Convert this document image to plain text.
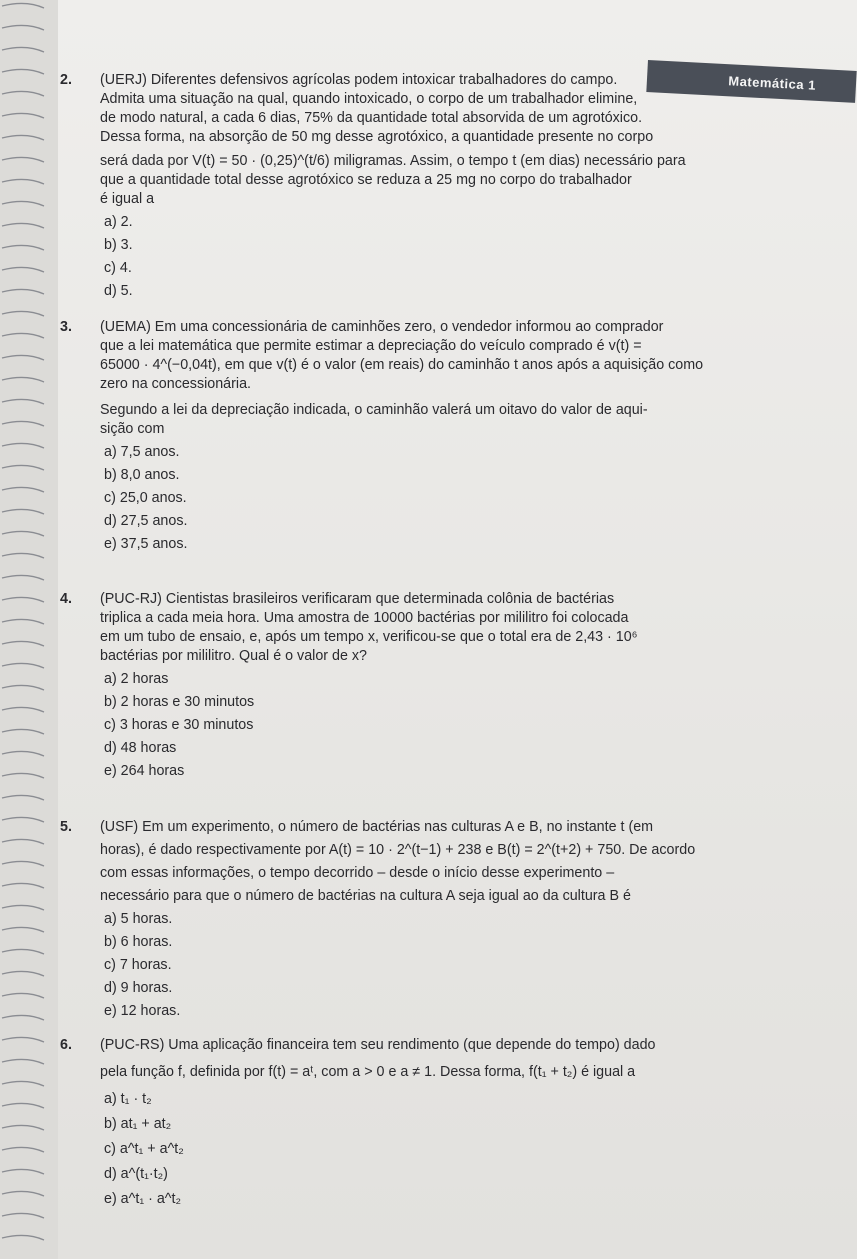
Matemática 1
2. (UERJ) Diferentes defensivos agrícolas podem intoxicar trabalhadores do campo.

Admita uma situação na qual, quando intoxicado, o corpo de um trabalhador elimine,

de modo natural, a cada 6 dias, 75% da quantidade total absorvida de um agrotóxico.

Dessa forma, na absorção de 50 mg desse agrotóxico, a quantidade presente no corpo

será dada por V(t) = 50 · (0,25)^(t/6) miligramas. Assim, o tempo t (em dias) necessário para

que a quantidade total desse agrotóxico se reduza a 25 mg no corpo do trabalhador

é igual a

a) 2.

b) 3.

c) 4.

d) 5.

3. (UEMA) Em uma concessionária de caminhões zero, o vendedor informou ao comprador

que a lei matemática que permite estimar a depreciação do veículo comprado é v(t) =

65000 · 4^(−0,04t), em que v(t) é o valor (em reais) do caminhão t anos após a aquisição como

zero na concessionária.

Segundo a lei da depreciação indicada, o caminhão valerá um oitavo do valor de aqui-

sição com

a) 7,5 anos.

b) 8,0 anos.

c) 25,0 anos.

d) 27,5 anos.

e) 37,5 anos.

4. (PUC-RJ) Cientistas brasileiros verificaram que determinada colônia de bactérias

triplica a cada meia hora. Uma amostra de 10000 bactérias por mililitro foi colocada

em um tubo de ensaio, e, após um tempo x, verificou-se que o total era de 2,43 · 10⁶

bactérias por mililitro. Qual é o valor de x?

a) 2 horas

b) 2 horas e 30 minutos

c) 3 horas e 30 minutos

d) 48 horas

e) 264 horas

5. (USF) Em um experimento, o número de bactérias nas culturas A e B, no instante t (em

horas), é dado respectivamente por A(t) = 10 · 2^(t−1) + 238 e B(t) = 2^(t+2) + 750. De acordo

com essas informações, o tempo decorrido – desde o início desse experimento –

necessário para que o número de bactérias na cultura A seja igual ao da cultura B é

a) 5 horas.

b) 6 horas.

c) 7 horas.

d) 9 horas.

e) 12 horas.

6. (PUC-RS) Uma aplicação financeira tem seu rendimento (que depende do tempo) dado

pela função f, definida por f(t) = aᵗ, com a > 0 e a ≠ 1. Dessa forma, f(t₁ + t₂) é igual a

a) t₁ · t₂

b) at₁ + at₂

c) a^t₁ + a^t₂

d) a^(t₁·t₂)

e) a^t₁ · a^t₂
